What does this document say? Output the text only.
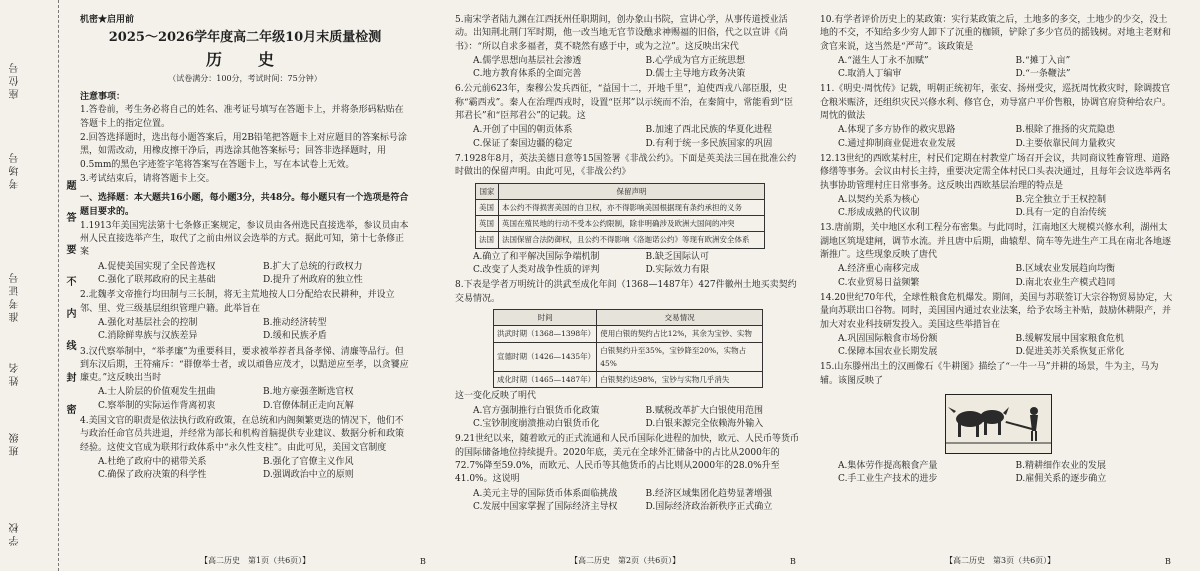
座位号
考场号
准考证号
姓名
班级
学校
题答要不内线封密
机密★启用前
2025～2026学年度高二年级10月末质量检测
历　史
（试卷满分：100分，考试时间：75分钟）
注意事项：

1.答卷前，考生务必将自己的姓名、准考证号填写在答题卡上，并将条形码粘贴在答题卡上的指定位置。

2.回答选择题时，选出每小题答案后，用2B铅笔把答题卡上对应题目的答案标号涂黑，如需改动，用橡皮擦干净后，再选涂其他答案标号；回答非选择题时，用0.5mm的黑色字迹签字笔将答案写在答题卡上，写在本试卷上无效。

3.考试结束后，请将答题卡上交。

一、选择题：本大题共16小题，每小题3分，共48分。每小题只有一个选项是符合题目要求的。

1.1913年美国宪法第十七条修正案规定，参议员由各州选民直接选举，参议员由本州人民直接选举产生，取代了之前由州议会选举的方式。据此可知，第十七条修正案

A.促使美国实现了全民普选权	B.扩大了总统的行政权力
C.强化了联邦政府的民主基础	D.提升了州政府的独立性

2.北魏孝文帝推行均田制与三长制，将无主荒地按人口分配给农民耕种，并设立邻、里、党三级基层组织管理户籍。此举旨在

A.强化对基层社会的控制	B.推动经济转型
C.消除鲜卑族与汉族差异	D.缓和民族矛盾

3.汉代察举制中，“举孝廉”为重要科目，要求被举荐者具备孝悌、清廉等品行。但到东汉后期，王符痛斥：“群僚举士者，或以頑鲁应茂才，以黠逆应至孝，以贪饕应廉吏。”这反映出当时

A.士人阶层的价值观发生扭曲	B.地方豪强垄断选官权
C.察举制的实际运作背离初衷	D.官僚体制正走向瓦解

4.美国文官的职责是依法执行政府政策，在总统和内阁频繁更迭的情况下，他们不与政治任命官员共进退，并经常为部长和机构首脑提供专业建议、数据分析和政策经验。这使文官成为联邦行政体系中“永久性支柱”。由此可见，美国文官制度

A.杜绝了政府中的裙带关系	B.强化了官僚主义作风
C.确保了政府决策的科学性	D.强调政治中立的原则

5.南宋学者陆九渊在江西抚州任职期间，创办象山书院，宣讲心学，从事传道授业活动。出知荆北荆门军时期，他一改当地无官节设醮求神赐福的旧俗，代之以宣讲《尚书》：“所以自求多福者，莫不晓然有感于中，或为之泣”。这反映出宋代

A.儒学思想向基层社会渗透	B.心学成为官方正统思想
C.地方教育体系的全面完善	D.儒士主导地方政务决策

6.公元前623年，秦穆公发兵西征，“益国十二，开地千里”，迫使西戎八部臣服，史称“霸西戎”。秦人在治理西戎时，设置“臣邦”以示统而不治，在秦简中，常能看到“臣邦君长”和“臣邦君公”的记载。这

A.开创了中国的朝贡体系	B.加速了西北民族的华夏化进程
C.保证了秦国边疆的稳定	D.有利于统一多民族国家的巩固

7.1928年8月，英法美德日意等15国签署《非战公约》。下面是英美法三国在批准公约时做出的保留声明。由此可见，《非战公约》

国家	保留声明
美国	本公约不得损害美国的自卫权，亦不得影响美国根据现有条约承担的义务
英国	英国在殖民地的行动不受本公约限制，除非明确涉及欧洲大国间的冲突
法国	法国保留合法防御权，且公约不得影响《洛迦诺公约》等现有欧洲安全体系
A.确立了和平解决国际争端机制	B.缺乏国际认可
C.改变了人类对战争性质的评判	D.实际效力有限

8.下表是学者万明统计的洪武至成化年间（1368—1487年）427件徽州土地买卖契约交易情况。

时间	交易情况
洪武时期（1368—1398年）	使用白银的契约占比12%，其余为宝钞、实物
宣德时期（1426—1435年）	白银契约升至35%，宝钞降至20%，实物占45%
成化时期（1465—1487年）	白银契约达98%，宝钞与实物几乎消失

这一变化反映了明代

A.官方强制推行白银货币化政策	B.赋税改革扩大白银使用范围
C.宝钞制度崩溃推动白银货币化	D.白银来源完全依赖海外输入

9.21世纪以来，随着欧元的正式流通和人民币国际化进程的加快，欧元、人民币等货币的国际储备地位持续提升。2020年底，美元在全球外汇储备中的占比从2000年的72.7%降至59.0%，而欧元、人民币等其他货币的占比则从2000年的28.0%升至41.0%。这说明

A.美元主导的国际货币体系面临挑战	B.经济区域集团化趋势显著增强
C.发展中国家掌握了国际经济主导权	D.国际经济政治新秩序正式确立

10.有学者评价历史上的某政策：实行某政策之后，土地多的多交，土地少的少交，没土地的不交，不知给多少穷人卸下了沉重的枷锁，铲除了多少官员的摇钱树。对地主老财和贪官来说，这当然是“严苛”。该政策是

A.“滋生人丁永不加赋”	B.“摊丁入亩”
C.取消人丁编审	D.“一条鞭法”

11.《明史·周忱传》记载，明朝正统初年，张安、扬州受灾，巡抚周忱救灾时，除调拨官仓粮米赈济，还组织灾民兴修水利、修官仓，劝导富户平价售粮，协调官府贷种给农户。周忱的做法

A.体现了多方协作的救灾思路	B.根除了推扬的灾荒隐患
C.通过抑制商业促进农业发展	D.主要依靠民间力量救灾

12.13世纪的西欧某村庄，村民们定期在村教堂广场召开会议，共同商议牲畜管理、道路修缮等事务。会议由村长主持，重要决定需全体村民口头表决通过，且每年会议选举两名执事协助管理村庄日常事务。这反映出西欧基层治理的特点是

A.以契约关系为核心	B.完全独立于王权控制
C.形成成熟的代议制	D.具有一定的自治传统

13.唐前期，关中地区水利工程分布密集。与此同时，江南地区大规模兴修水利，湖州太湖地区筑堤建闸，调节水流。并且唐中后期，曲辕犁、筒车等先进生产工具在南北各地逐渐推广。这些现象反映了唐代

A.经济重心南移完成	B.区域农业发展趋向均衡
C.农业贸易日益频繁	D.南北农业生产模式趋同

14.20世纪70年代，全球性粮食危机爆发。期间，美国与苏联签订大宗谷物贸易协定，大量向苏联出口谷物。同时，美国国内通过农业法案，给予农场主补贴，鼓励休耕限产，并加大对农业科技研发投入。美国这些举措旨在

A.巩固国际粮食市场份额	B.缓解发展中国家粮食危机
C.保障本国农业长期发展	D.促进美苏关系恢复正常化

15.山东滕州出土的汉画像石《牛耕图》描绘了“一牛一马”并耕的场景，牛为主，马为辅。该图反映了

A.集体劳作提高粮食产量	B.精耕细作农业的发展
C.手工业生产技术的进步	D.雇佣关系的逐步确立
【高二历史　第1页（共6页）】	B	【高二历史　第2页（共6页）】	B	【高二历史　第3页（共6页）】	B
